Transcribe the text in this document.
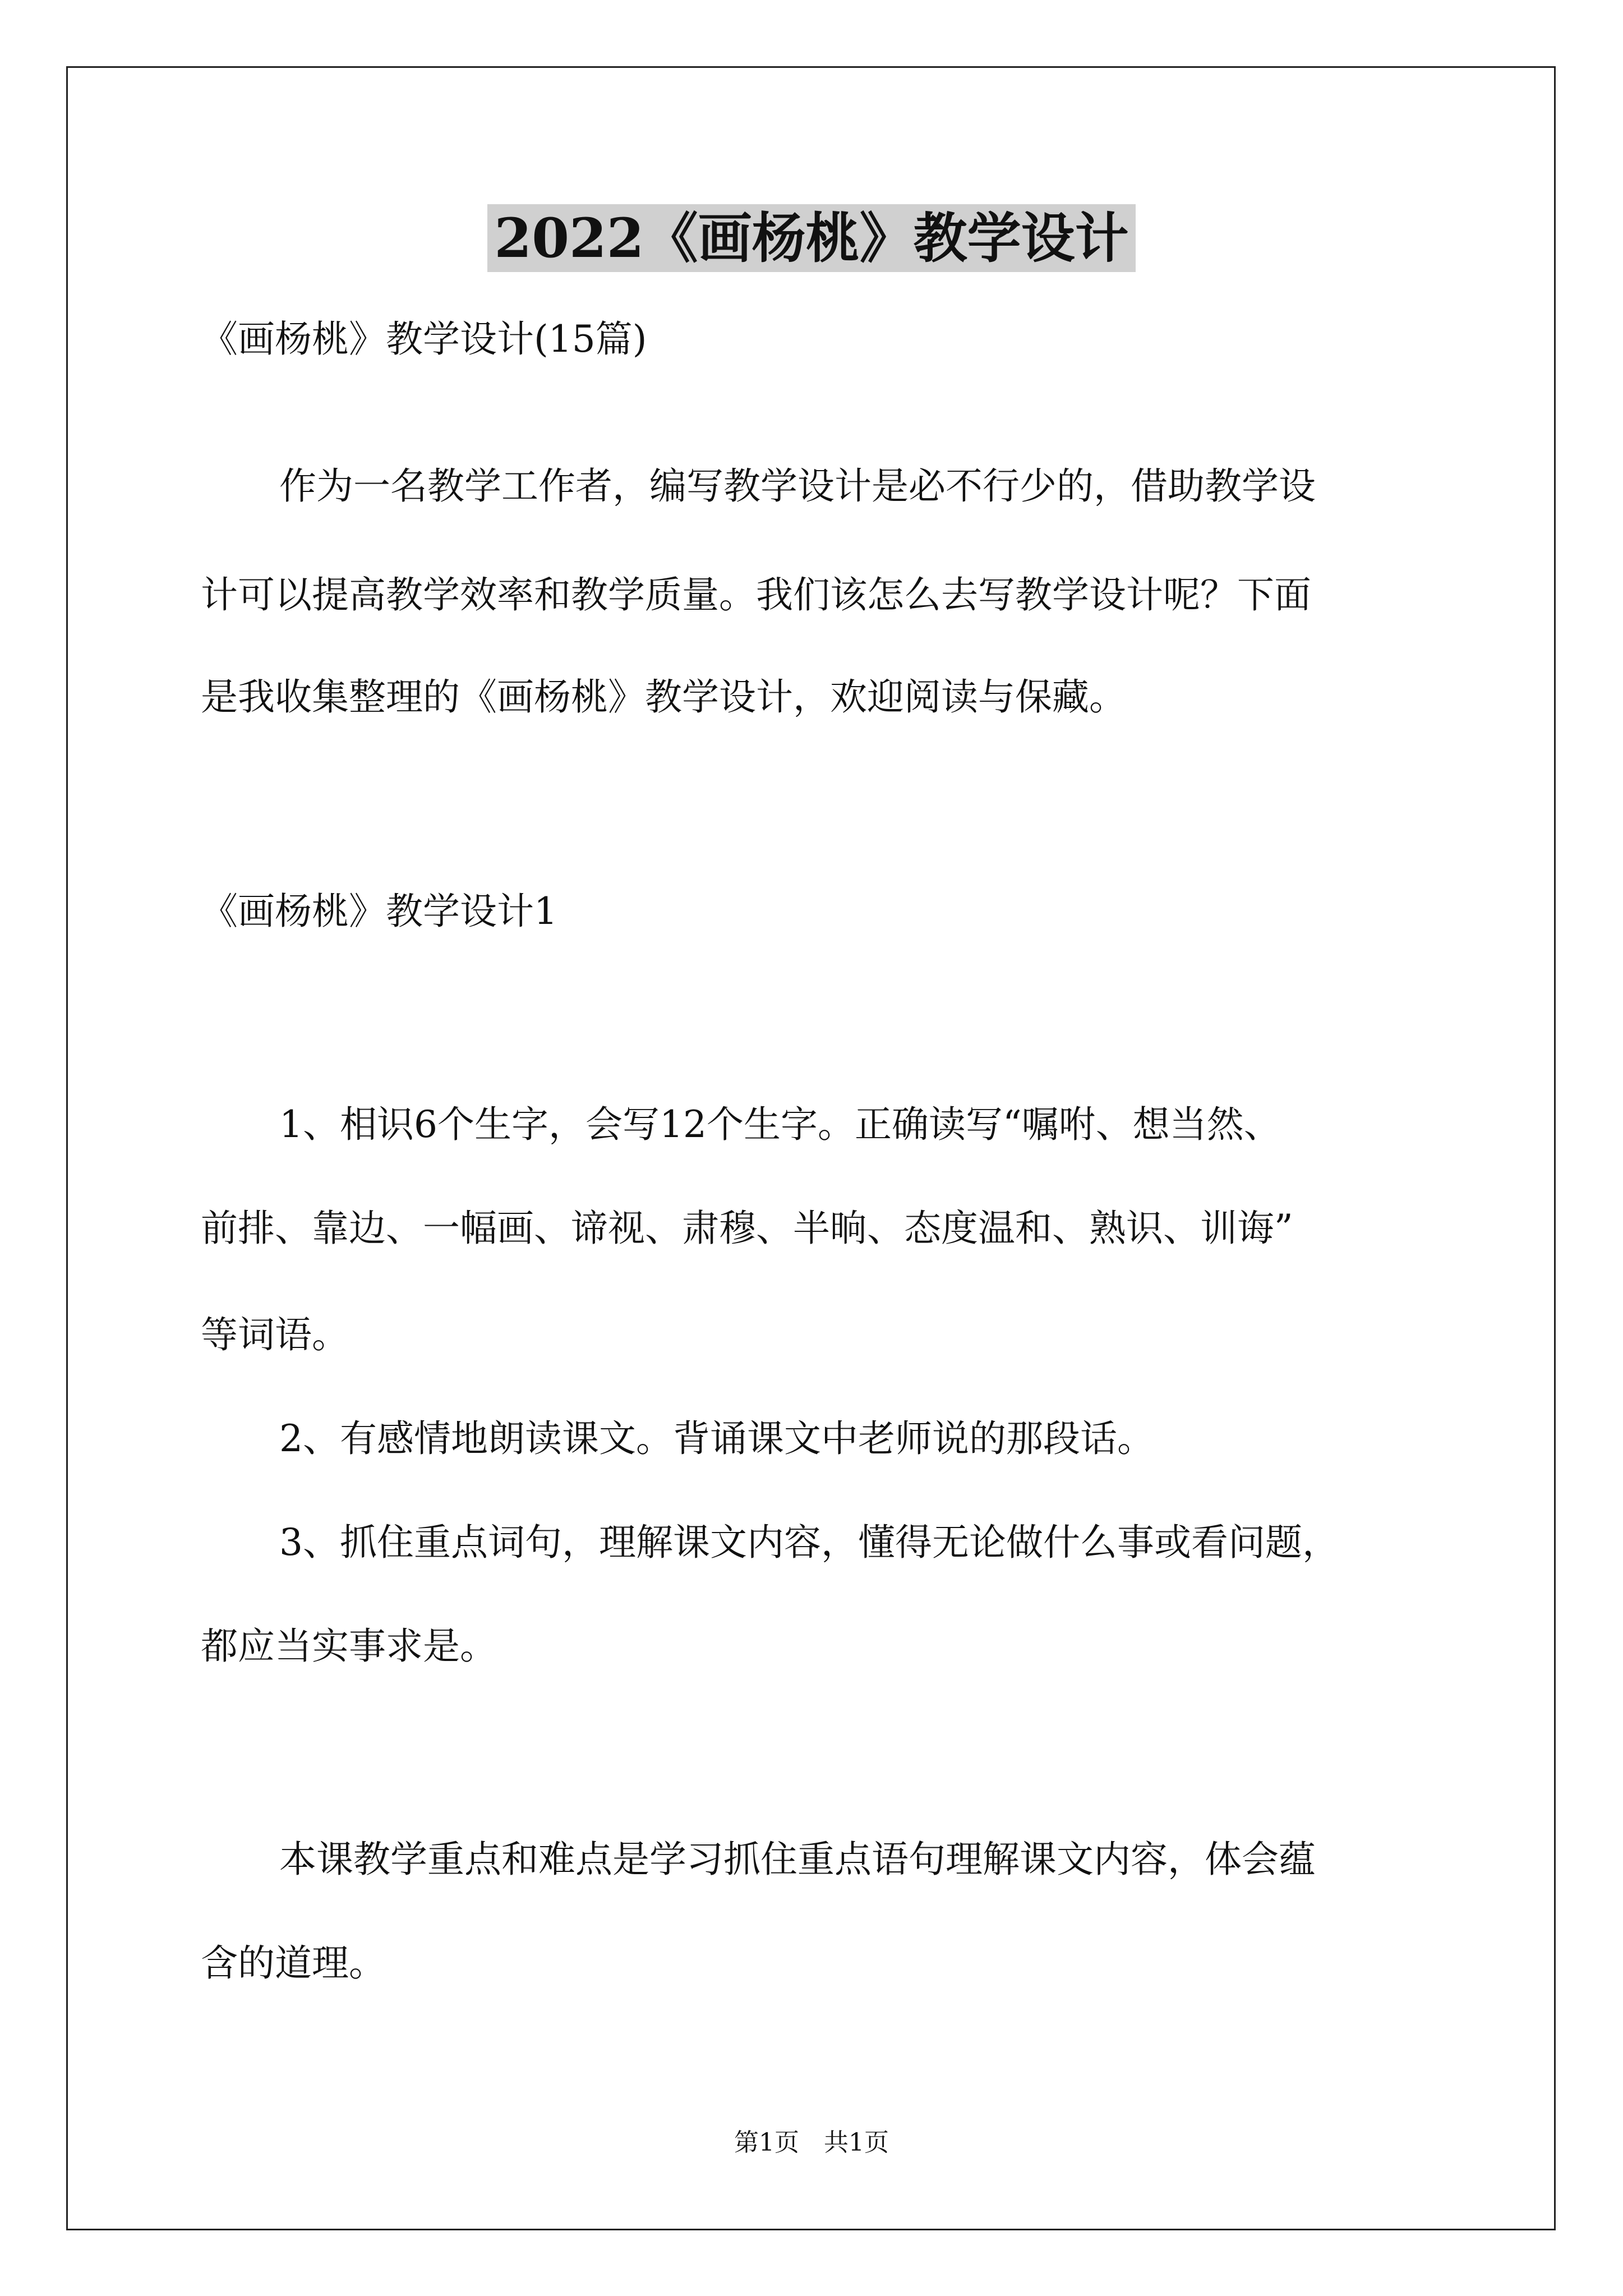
2022《画杨桃》教学设计
《画杨桃》教学设计(15篇)
作为一名教学工作者，编写教学设计是必不行少的，借助教学设
计可以提高教学效率和教学质量。我们该怎么去写教学设计呢？下面
是我收集整理的《画杨桃》教学设计，欢迎阅读与保藏。
《画杨桃》教学设计1
1、相识6个生字，会写12个生字。正确读写“嘱咐、想当然、
前排、靠边、一幅画、谛视、肃穆、半晌、态度温和、熟识、训诲”
等词语。
2、有感情地朗读课文。背诵课文中老师说的那段话。
3、抓住重点词句，理解课文内容，懂得无论做什么事或看问题，
都应当实事求是。
本课教学重点和难点是学习抓住重点语句理解课文内容，体会蕴
含的道理。
第1页　共1页
